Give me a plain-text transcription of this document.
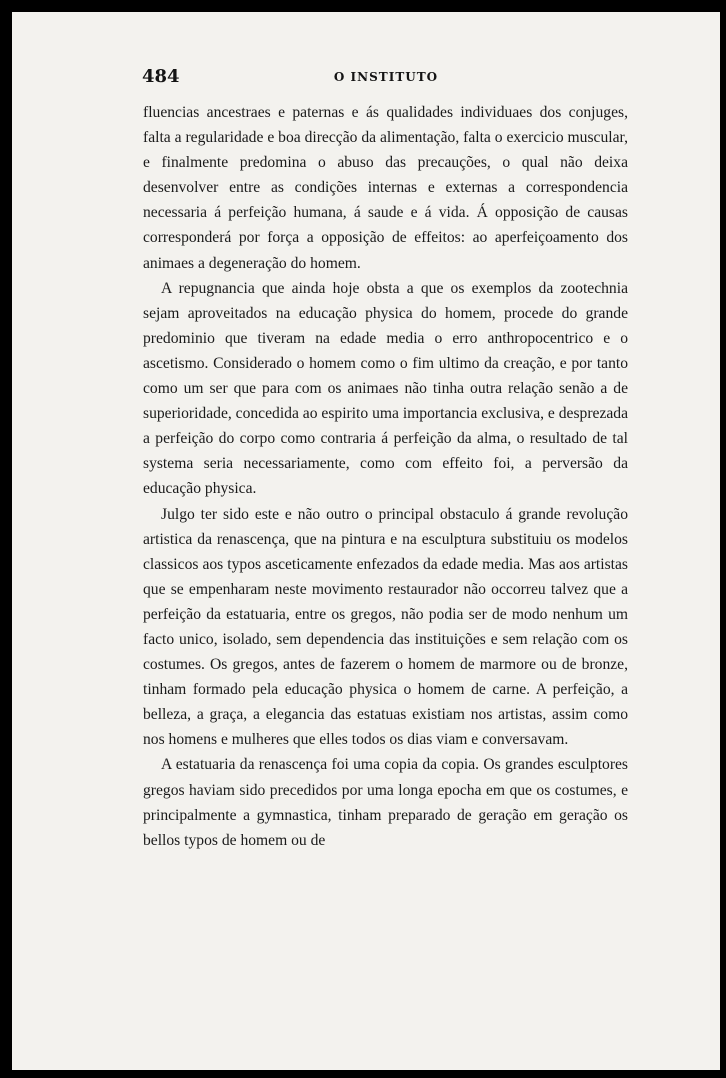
484	O INSTITUTO

fluencias ancestraes e paternas e ás qualidades individuaes dos conjuges, falta a regularidade e boa direcção da alimentação, falta o exercicio muscular, e finalmente predomina o abuso das precauções, o qual não deixa desenvolver entre as condições internas e externas a correspondencia necessaria á perfeição humana, á saude e á vida. Á opposição de causas corresponderá por força a opposição de effeitos: ao aperfeiçoamento dos animaes a degeneração do homem.

A repugnancia que ainda hoje obsta a que os exemplos da zootechnia sejam aproveitados na educação physica do homem, procede do grande predominio que tiveram na edade media o erro anthropocentrico e o ascetismo. Considerado o homem como o fim ultimo da creação, e por tanto como um ser que para com os animaes não tinha outra relação senão a de superioridade, concedida ao espirito uma importancia exclusiva, e desprezada a perfeição do corpo como contraria á perfeição da alma, o resultado de tal systema seria necessariamente, como com effeito foi, a perversão da educação physica.

Julgo ter sido este e não outro o principal obstaculo á grande revolução artistica da renascença, que na pintura e na esculptura substituiu os modelos classicos aos typos asceticamente enfezados da edade media. Mas aos artistas que se empenharam neste movimento restaurador não occorreu talvez que a perfeição da estatuaria, entre os gregos, não podia ser de modo nenhum um facto unico, isolado, sem dependencia das instituições e sem relação com os costumes. Os gregos, antes de fazerem o homem de marmore ou de bronze, tinham formado pela educação physica o homem de carne. A perfeição, a belleza, a graça, a elegancia das estatuas existiam nos artistas, assim como nos homens e mulheres que elles todos os dias viam e conversavam.

A estatuaria da renascença foi uma copia da copia. Os grandes esculptores gregos haviam sido precedidos por uma longa epocha em que os costumes, e principalmente a gymnastica, tinham preparado de geração em geração os bellos typos de homem ou de
